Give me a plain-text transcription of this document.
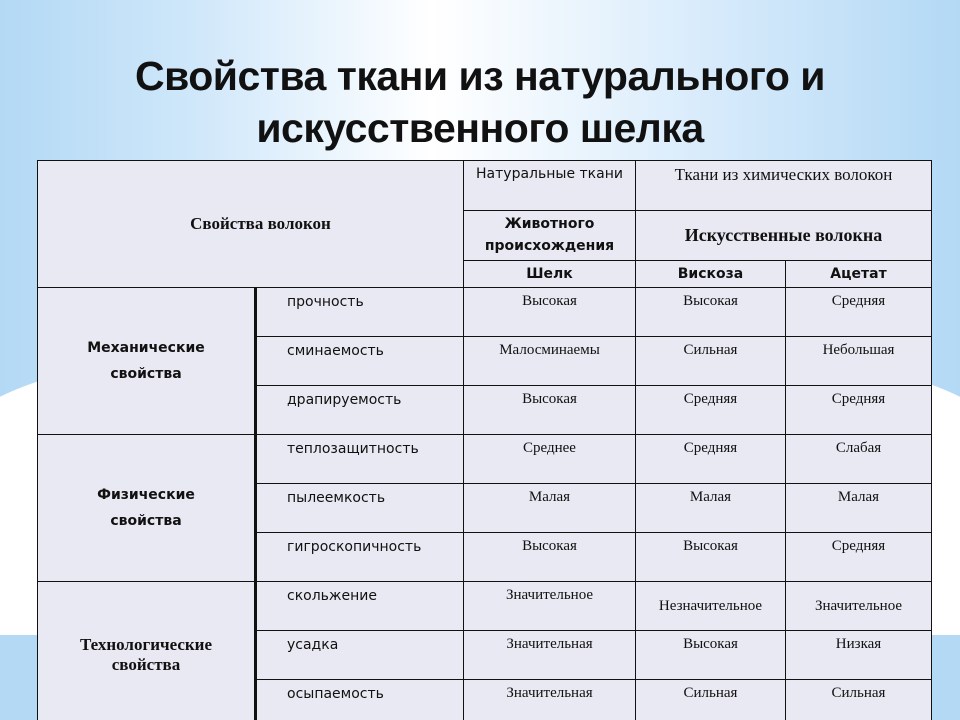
Свойства ткани из натурального и
искусственного шелка
Свойства волокон		Натуральные ткани	Ткани из химических волокон	
		Животного происхождения	Искусственные волокна	
		Шелк	Вискоза	Ацетат
Механические свойства	прочность	Высокая	Высокая	Средняя
	сминаемость	Малосминаемы	Сильная	Небольшая
	драпируемость	Высокая	Средняя	Средняя
Физические свойства	теплозащитность	Среднее	Средняя	Слабая
	пылеемкость	Малая	Малая	Малая
	гигроскопичность	Высокая	Высокая	Средняя
Технологические свойства	скольжение	Значительное	Незначительное	Значительное
	усадка	Значительная	Высокая	Низкая
	осыпаемость	Значительная	Сильная	Сильная
